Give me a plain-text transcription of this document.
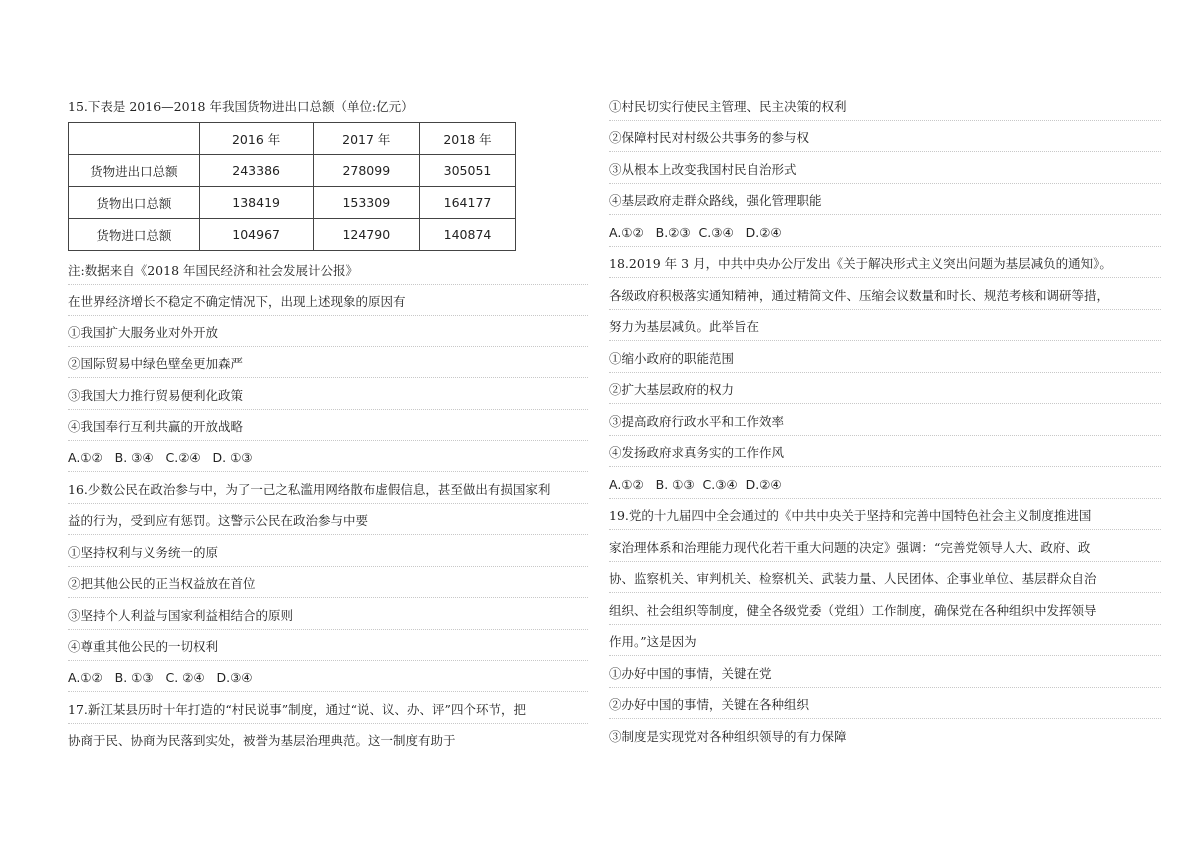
15.下表是 2016—2018 年我国货物进出口总额（单位:亿元）
	2016 年	2017 年	2018 年
货物进出口总额	243386	278099	305051
货物出口总额	138419	153309	164177
货物进口总额	104967	124790	140874
注:数据来自《2018 年国民经济和社会发展计公报》
在世界经济增长不稳定不确定情况下，出现上述现象的原因有
①我国扩大服务业对外开放
②国际贸易中绿色壁垒更加森严
③我国大力推行贸易便利化政策
④我国奉行互利共赢的开放战略
A.①②   B. ③④   C.②④   D. ①③
16.少数公民在政治参与中，为了一己之私滥用网络散布虚假信息，甚至做出有损国家利
益的行为，受到应有惩罚。这警示公民在政治参与中要
①坚持权利与义务统一的原
②把其他公民的正当权益放在首位
③坚持个人利益与国家利益相结合的原则
④尊重其他公民的一切权利
A.①②   B. ①③   C. ②④   D.③④
17.新江某县历时十年打造的“村民说事”制度，通过“说、议、办、评”四个环节，把
协商于民、协商为民落到实处，被誉为基层治理典范。这一制度有助于
①村民切实行使民主管理、民主决策的权利
②保障村民对村级公共事务的参与权
③从根本上改变我国村民自治形式
④基层政府走群众路线，强化管理职能
A.①②   B.②③  C.③④   D.②④
18.2019 年 3 月，中共中央办公厅发出《关于解决形式主义突出问题为基层减负的通知》。
各级政府积极落实通知精神，通过精简文件、压缩会议数量和时长、规范考核和调研等措，
努力为基层减负。此举旨在
①缩小政府的职能范围
②扩大基层政府的权力
③提高政府行政水平和工作效率
④发扬政府求真务实的工作作风
A.①②   B. ①③  C.③④  D.②④
19.党的十九届四中全会通过的《中共中央关于坚持和完善中国特色社会主义制度推进国
家治理体系和治理能力现代化若干重大问题的决定》强调：“完善党领导人大、政府、政
协、监察机关、审判机关、检察机关、武装力量、人民团体、企事业单位、基层群众自治
组织、社会组织等制度，健全各级党委（党组）工作制度，确保党在各种组织中发挥领导
作用。”这是因为
①办好中国的事情，关键在党
②办好中国的事情，关键在各种组织
③制度是实现党对各种组织领导的有力保障
